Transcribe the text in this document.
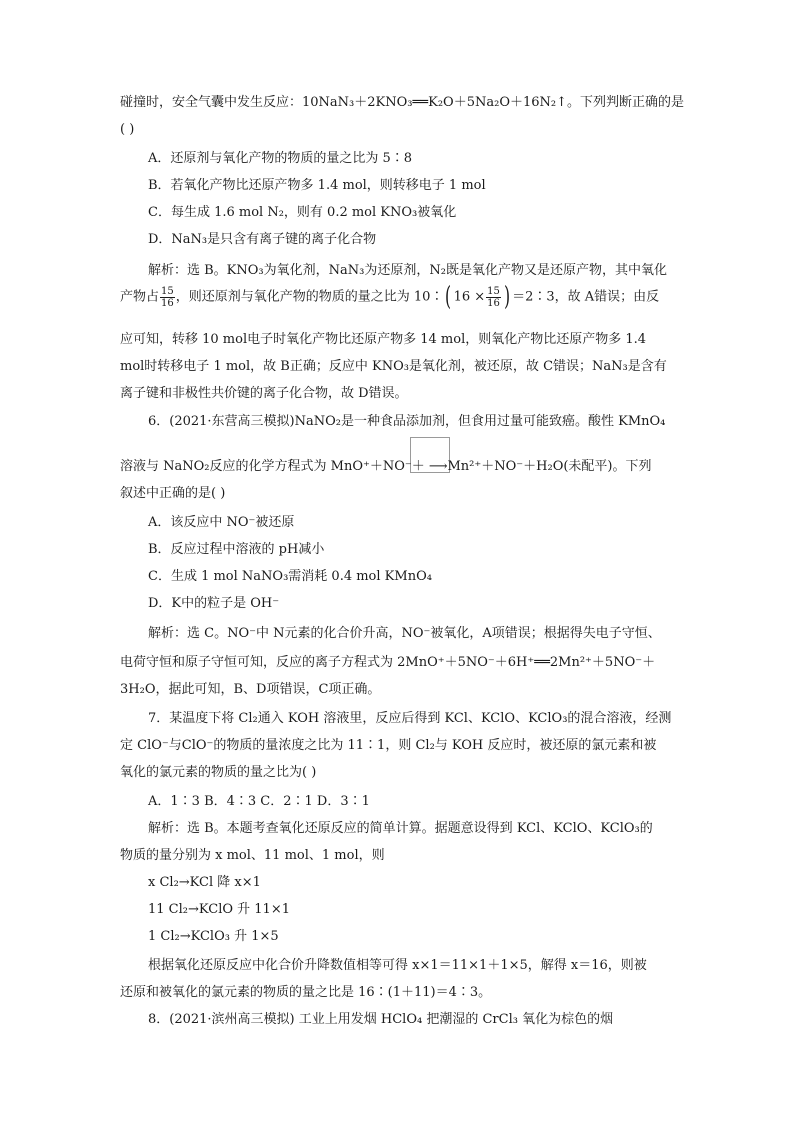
碰撞时，安全气囊中发生反应：10NaN₃＋2KNO₃══K₂O＋5Na₂O＋16N₂↑。下列判断正确的是
( )
A．还原剂与氧化产物的物质的量之比为 5∶8
B．若氧化产物比还原产物多 1.4 mol，则转移电子 1 mol
C．每生成 1.6 mol N₂，则有 0.2 mol KNO₃被氧化
D．NaN₃是只含有离子键的离子化合物
解析：选 B。KNO₃为氧化剂，NaN₃为还原剂，N₂既是氧化产物又是还原产物，其中氧化
产物占 $\frac{15}{16}$ ，则还原剂与氧化产物的物质的量之比为 10∶( $16 \times \frac{15}{16}$ ) ＝2∶3，故 A错误；由反
应可知，转移 10 mol电子时氧化产物比还原产物多 14 mol，则氧化产物比还原产物多 1.4
mol时转移电子 1 mol，故 B正确；反应中 KNO₃是氧化剂，被还原，故 C错误；NaN₃是含有
离子键和非极性共价键的离子化合物，故 D错误。
6．(2021·东营高三模拟)NaNO₂是一种食品添加剂，但食用过量可能致癌。酸性 KMnO₄
溶液与 NaNO₂反应的化学方程式为 MnO⁺＋NO⁻＋ ⟶Mn²⁺＋NO⁻＋H₂O(未配平)。下列
叙述中正确的是( )
A．该反应中 NO⁻被还原
B．反应过程中溶液的 pH减小
C．生成 1 mol NaNO₃需消耗 0.4 mol KMnO₄
D．K中的粒子是 OH⁻
解析：选 C。NO⁻中 N元素的化合价升高，NO⁻被氧化，A项错误；根据得失电子守恒、
电荷守恒和原子守恒可知，反应的离子方程式为 2MnO⁺＋5NO⁻＋6H⁺══2Mn²⁺＋5NO⁻＋
3H₂O，据此可知，B、D项错误，C项正确。
7．某温度下将 Cl₂通入 KOH 溶液里，反应后得到 KCl、KClO、KClO₃的混合溶液，经测
定 ClO⁻与ClO⁻的物质的量浓度之比为 11∶1，则 Cl₂与 KOH 反应时，被还原的氯元素和被
氧化的氯元素的物质的量之比为( )
A．1∶3 B．4∶3 C．2∶1 D．3∶1
解析：选 B。本题考查氧化还原反应的简单计算。据题意设得到 KCl、KClO、KClO₃的
物质的量分别为 x mol、11 mol、1 mol，则
x Cl₂→KCl 降 x×1
11 Cl₂→KClO 升 11×1
1 Cl₂→KClO₃ 升 1×5
根据氧化还原反应中化合价升降数值相等可得 x×1＝11×1＋1×5，解得 x＝16，则被
还原和被氧化的氯元素的物质的量之比是 16∶(1＋11)＝4∶3。
8．(2021·滨州高三模拟) 工业上用发烟 HClO₄ 把潮湿的 CrCl₃ 氧化为棕色的烟
